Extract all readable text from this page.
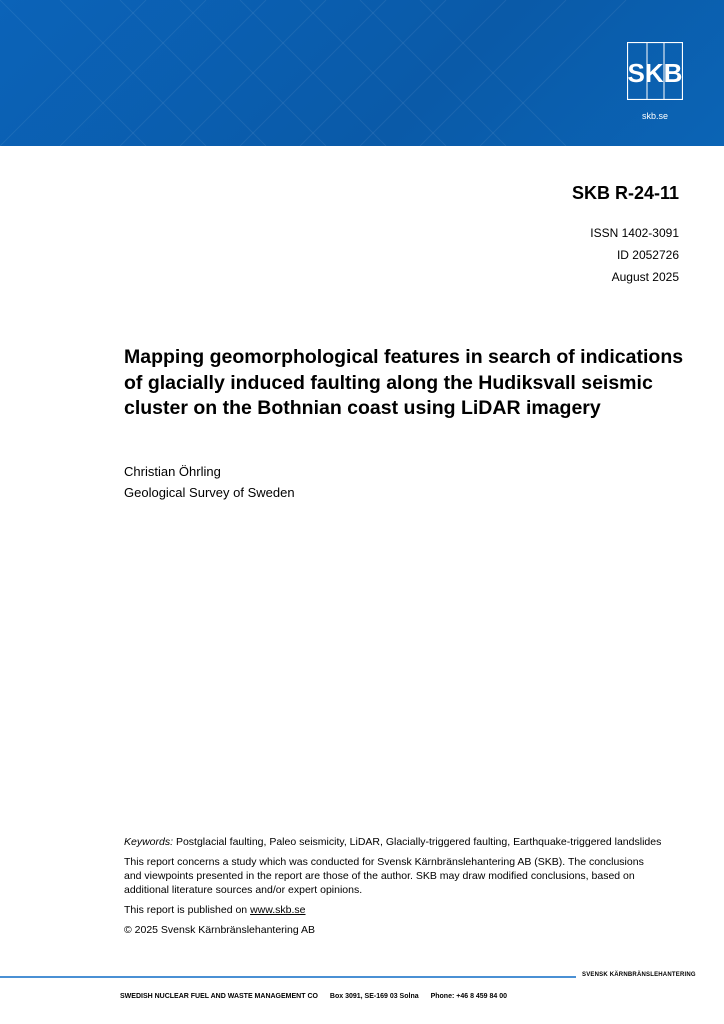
SKB
skb.se
SKB R-24-11
ISSN 1402-3091
ID 2052726
August 2025
Mapping geomorphological features in search of indications of glacially induced faulting along the Hudiksvall seismic cluster on the Bothnian coast using LiDAR imagery
Christian Öhrling
Geological Survey of Sweden

Keywords: Postglacial faulting, Paleo seismicity, LiDAR, Glacially-triggered faulting, Earthquake-triggered landslides

This report concerns a study which was conducted for Svensk Kärnbränslehantering AB (SKB). The conclusions and viewpoints presented in the report are those of the author. SKB may draw modified conclusions, based on additional literature sources and/or expert opinions.

This report is published on www.skb.se

© 2025 Svensk Kärnbränslehantering AB

SVENSK KÄRNBRÄNSLEHANTERING
SWEDISH NUCLEAR FUEL AND WASTE MANAGEMENT CO Box 3091, SE-169 03 Solna Phone: +46 8 459 84 00
